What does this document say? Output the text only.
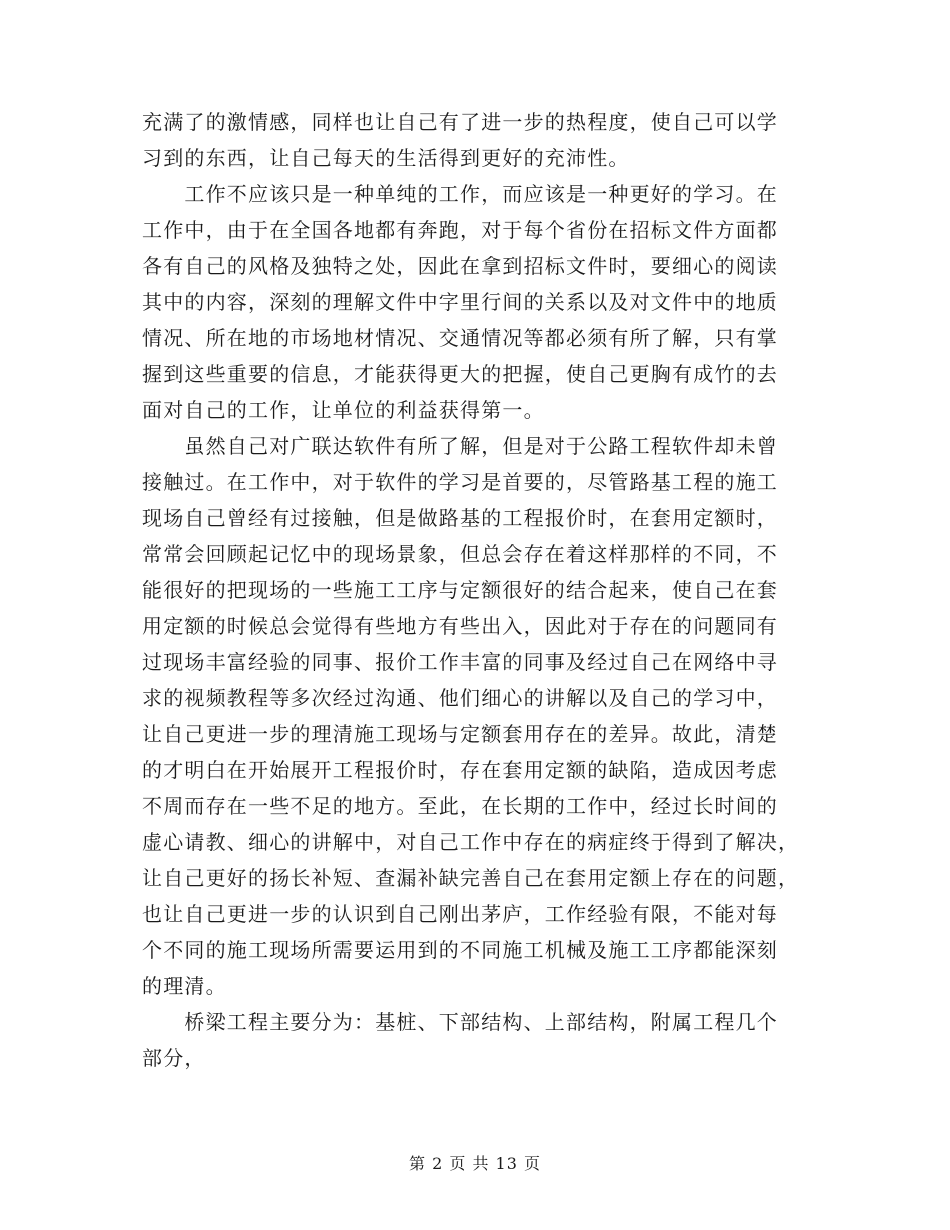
充满了的激情感，同样也让自己有了进一步的热程度，使自己可以学
习到的东西，让自己每天的生活得到更好的充沛性。
　　工作不应该只是一种单纯的工作，而应该是一种更好的学习。在
工作中，由于在全国各地都有奔跑，对于每个省份在招标文件方面都
各有自己的风格及独特之处，因此在拿到招标文件时，要细心的阅读
其中的内容，深刻的理解文件中字里行间的关系以及对文件中的地质
情况、所在地的市场地材情况、交通情况等都必须有所了解，只有掌
握到这些重要的信息，才能获得更大的把握，使自己更胸有成竹的去
面对自己的工作，让单位的利益获得第一。
　　虽然自己对广联达软件有所了解，但是对于公路工程软件却未曾
接触过。在工作中，对于软件的学习是首要的，尽管路基工程的施工
现场自己曾经有过接触，但是做路基的工程报价时，在套用定额时，
常常会回顾起记忆中的现场景象，但总会存在着这样那样的不同，不
能很好的把现场的一些施工工序与定额很好的结合起来，使自己在套
用定额的时候总会觉得有些地方有些出入，因此对于存在的问题同有
过现场丰富经验的同事、报价工作丰富的同事及经过自己在网络中寻
求的视频教程等多次经过沟通、他们细心的讲解以及自己的学习中，
让自己更进一步的理清施工现场与定额套用存在的差异。故此，清楚
的才明白在开始展开工程报价时，存在套用定额的缺陷，造成因考虑
不周而存在一些不足的地方。至此，在长期的工作中，经过长时间的
虚心请教、细心的讲解中，对自己工作中存在的病症终于得到了解决，
让自己更好的扬长补短、查漏补缺完善自己在套用定额上存在的问题，
也让自己更进一步的认识到自己刚出茅庐，工作经验有限，不能对每
个不同的施工现场所需要运用到的不同施工机械及施工工序都能深刻
的理清。
　　桥梁工程主要分为：基桩、下部结构、上部结构，附属工程几个
部分，
第 2 页 共 13 页
